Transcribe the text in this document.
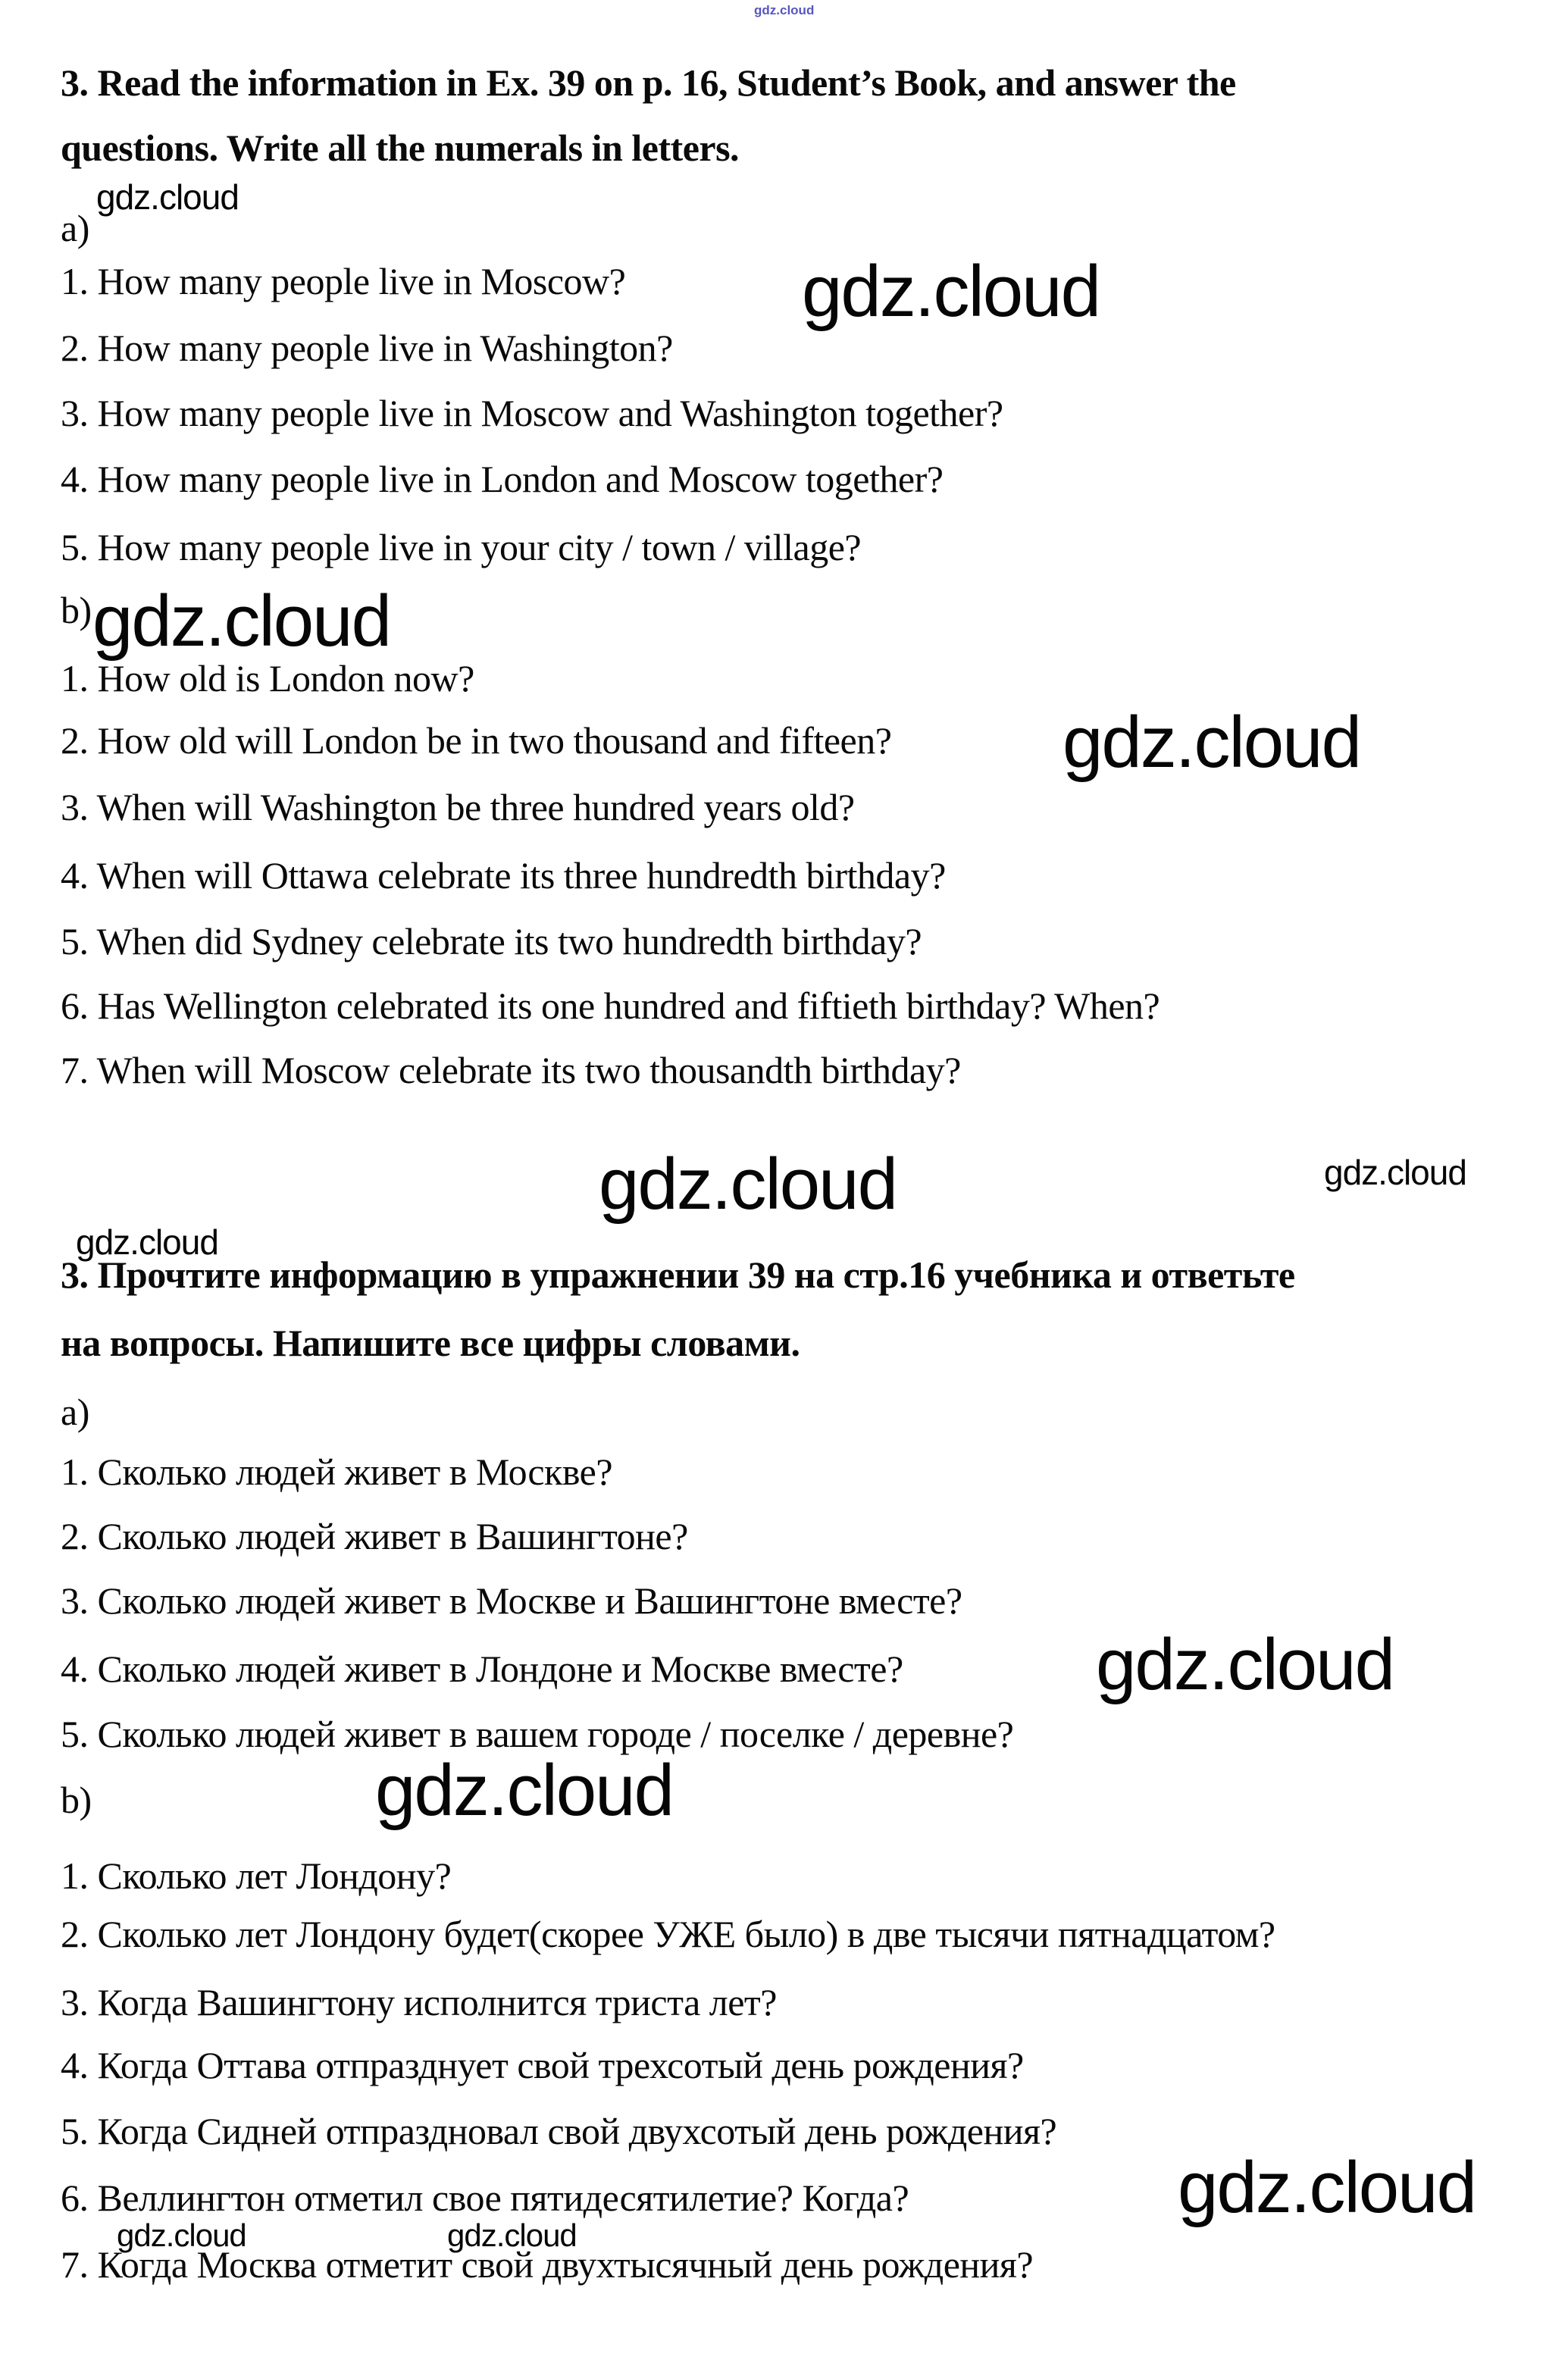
gdz.cloud
3. Read the information in Ex. 39 on p. 16, Student’s Book, and answer the
questions. Write all the numerals in letters.
gdz.cloud
a)
gdz.cloud
1. How many people live in Moscow?
2. How many people live in Washington?
3. How many people live in Moscow and Washington together?
4. How many people live in London and Moscow together?
5. How many people live in your city / town / village?
b) gdz.cloud
1. How old is London now?
gdz.cloud
2. How old will London be in two thousand and fifteen?
3. When will Washington be three hundred years old?
4. When will Ottawa celebrate its three hundredth birthday?
5. When did Sydney celebrate its two hundredth birthday?
6. Has Wellington celebrated its one hundred and fiftieth birthday? When?
7. When will Moscow celebrate its two thousandth birthday?
gdz.cloud	gdz.cloud
gdz.cloud
3. Прочтите информацию в упражнении 39 на стр.16 учебника и ответьте
на вопросы. Напишите все цифры словами.
a)
1. Сколько людей живет в Москве?
2. Сколько людей живет в Вашингтоне?
3. Сколько людей живет в Москве и Вашингтоне вместе?
gdz.cloud
4. Сколько людей живет в Лондоне и Москве вместе?
5. Сколько людей живет в вашем городе / поселке / деревне?
gdz.cloud
b)
1. Сколько лет Лондону?
2. Сколько лет Лондону будет(скорее УЖЕ было) в две тысячи пятнадцатом?
3. Когда Вашингтону исполнится триста лет?
4. Когда Оттава отпразднует свой трехсотый день рождения?
5. Когда Сидней отпраздновал свой двухсотый день рождения?
gdz.cloud
6. Веллингтон отметил свое пятидесятилетие? Когда?
gdz.cloud	gdz.cloud
7. Когда Москва отметит свой двухтысячный день рождения?
